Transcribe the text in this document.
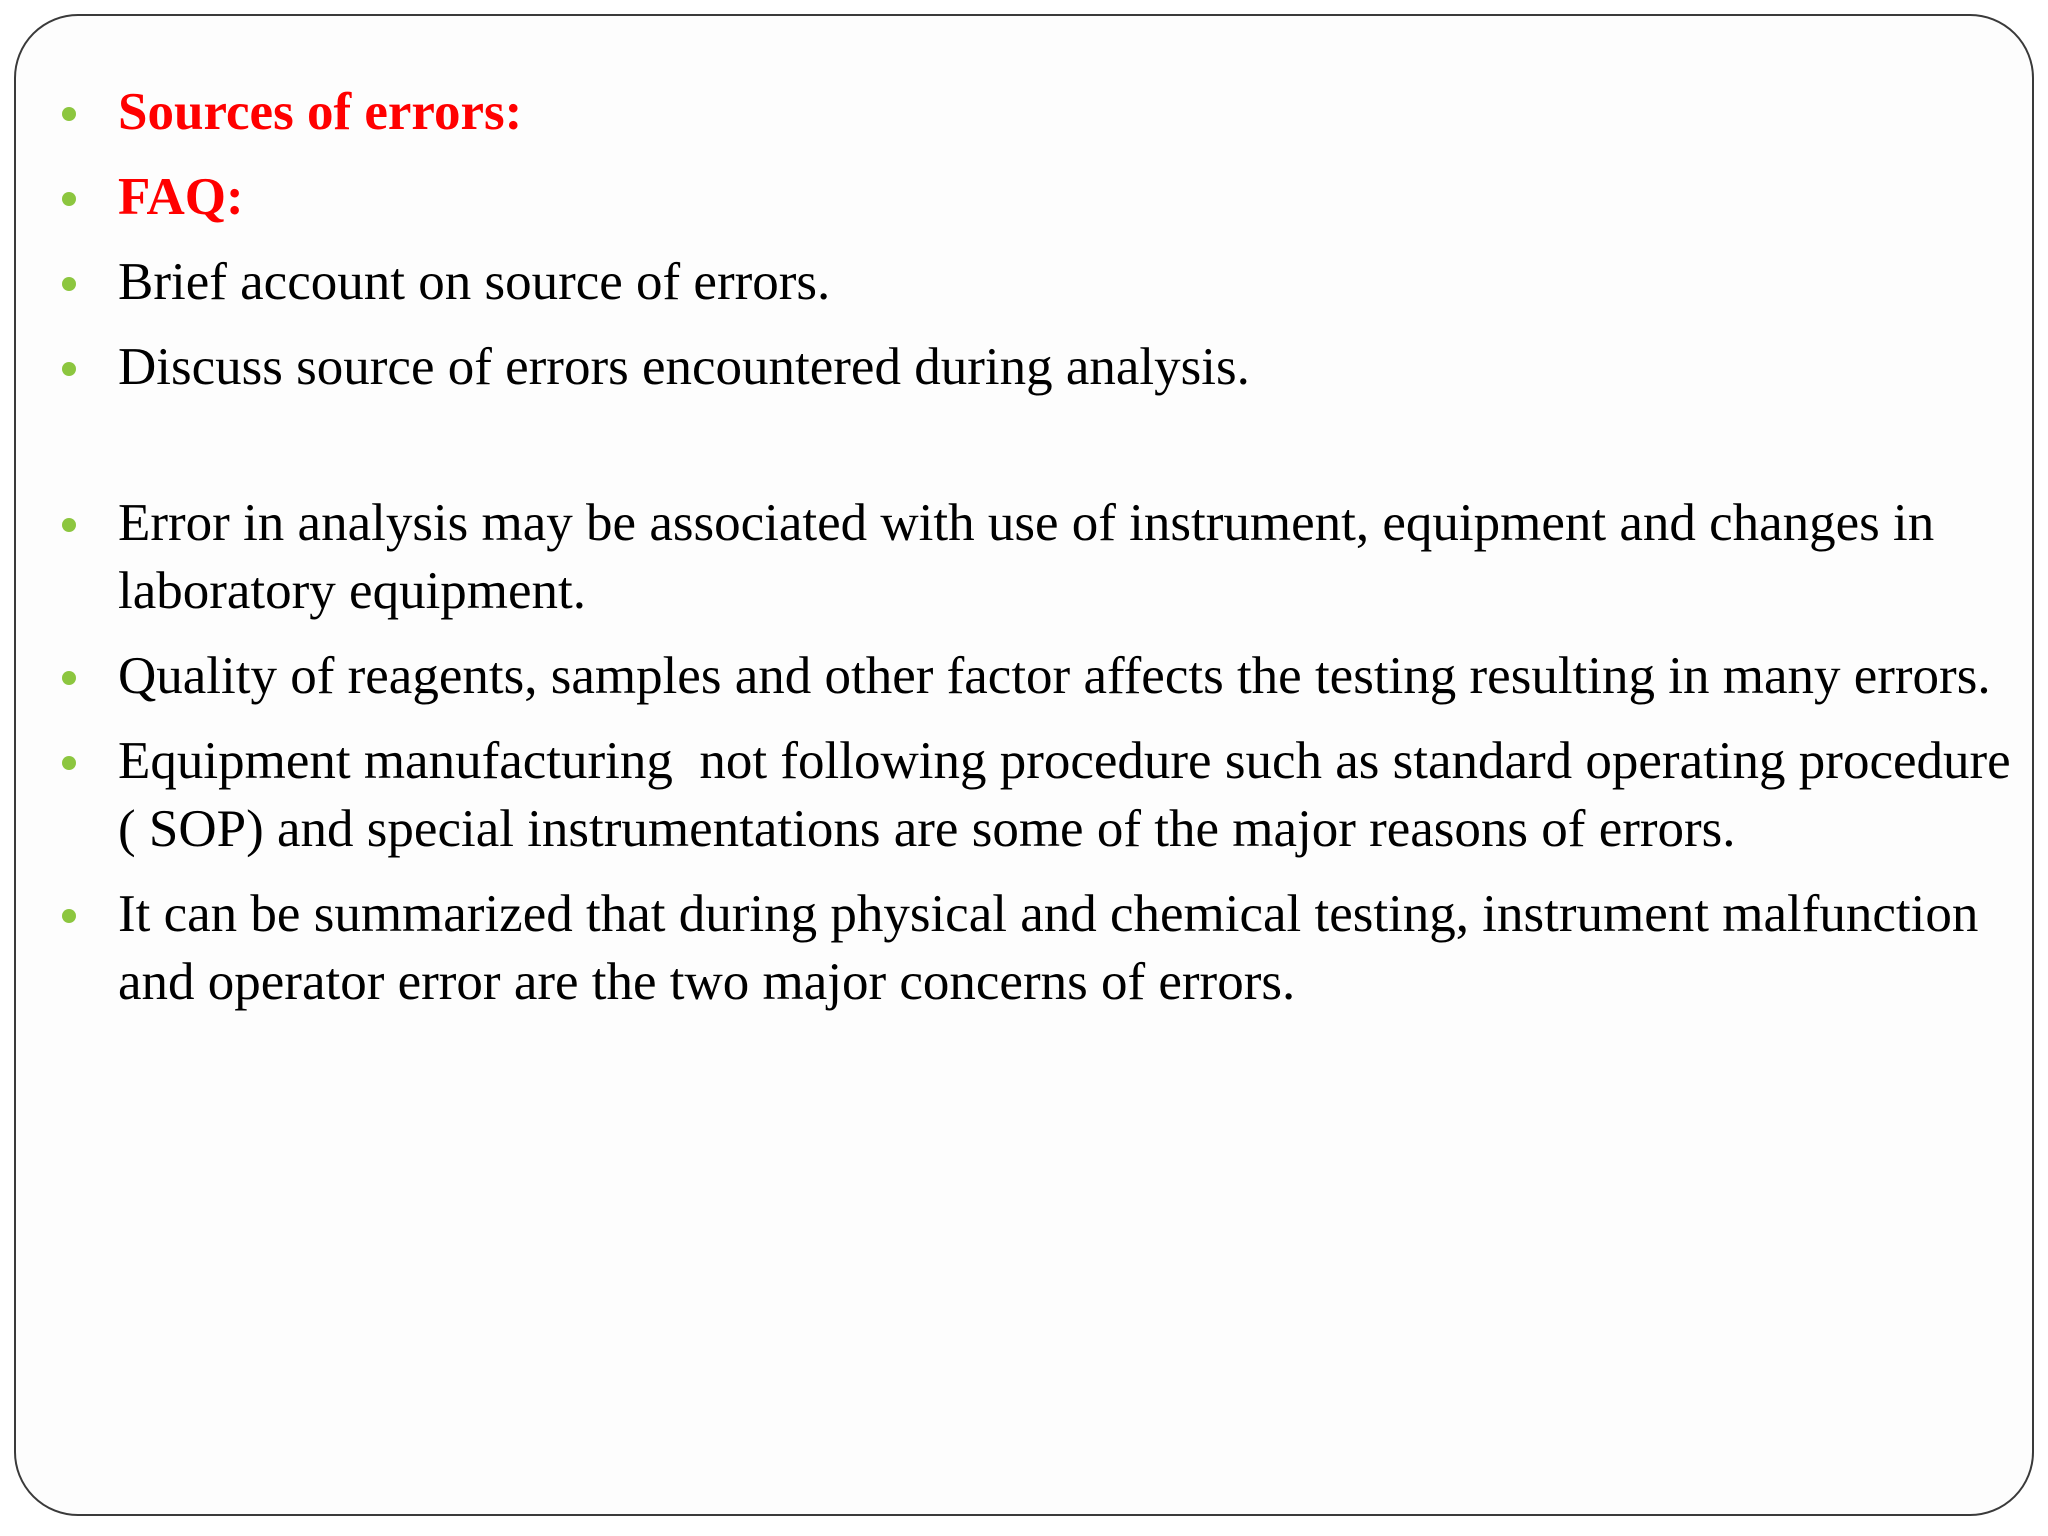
Sources of errors:
FAQ:
Brief account on source of errors.
Discuss source of errors encountered during analysis.
Error in analysis may be associated with use of instrument, equipment and changes in laboratory equipment.
Quality of reagents, samples and other factor affects the testing resulting in many errors.
Equipment manufacturing  not following procedure such as standard operating procedure ( SOP) and special instrumentations are some of the major reasons of errors.
It can be summarized that during physical and chemical testing, instrument malfunction and operator error are the two major concerns of errors.
